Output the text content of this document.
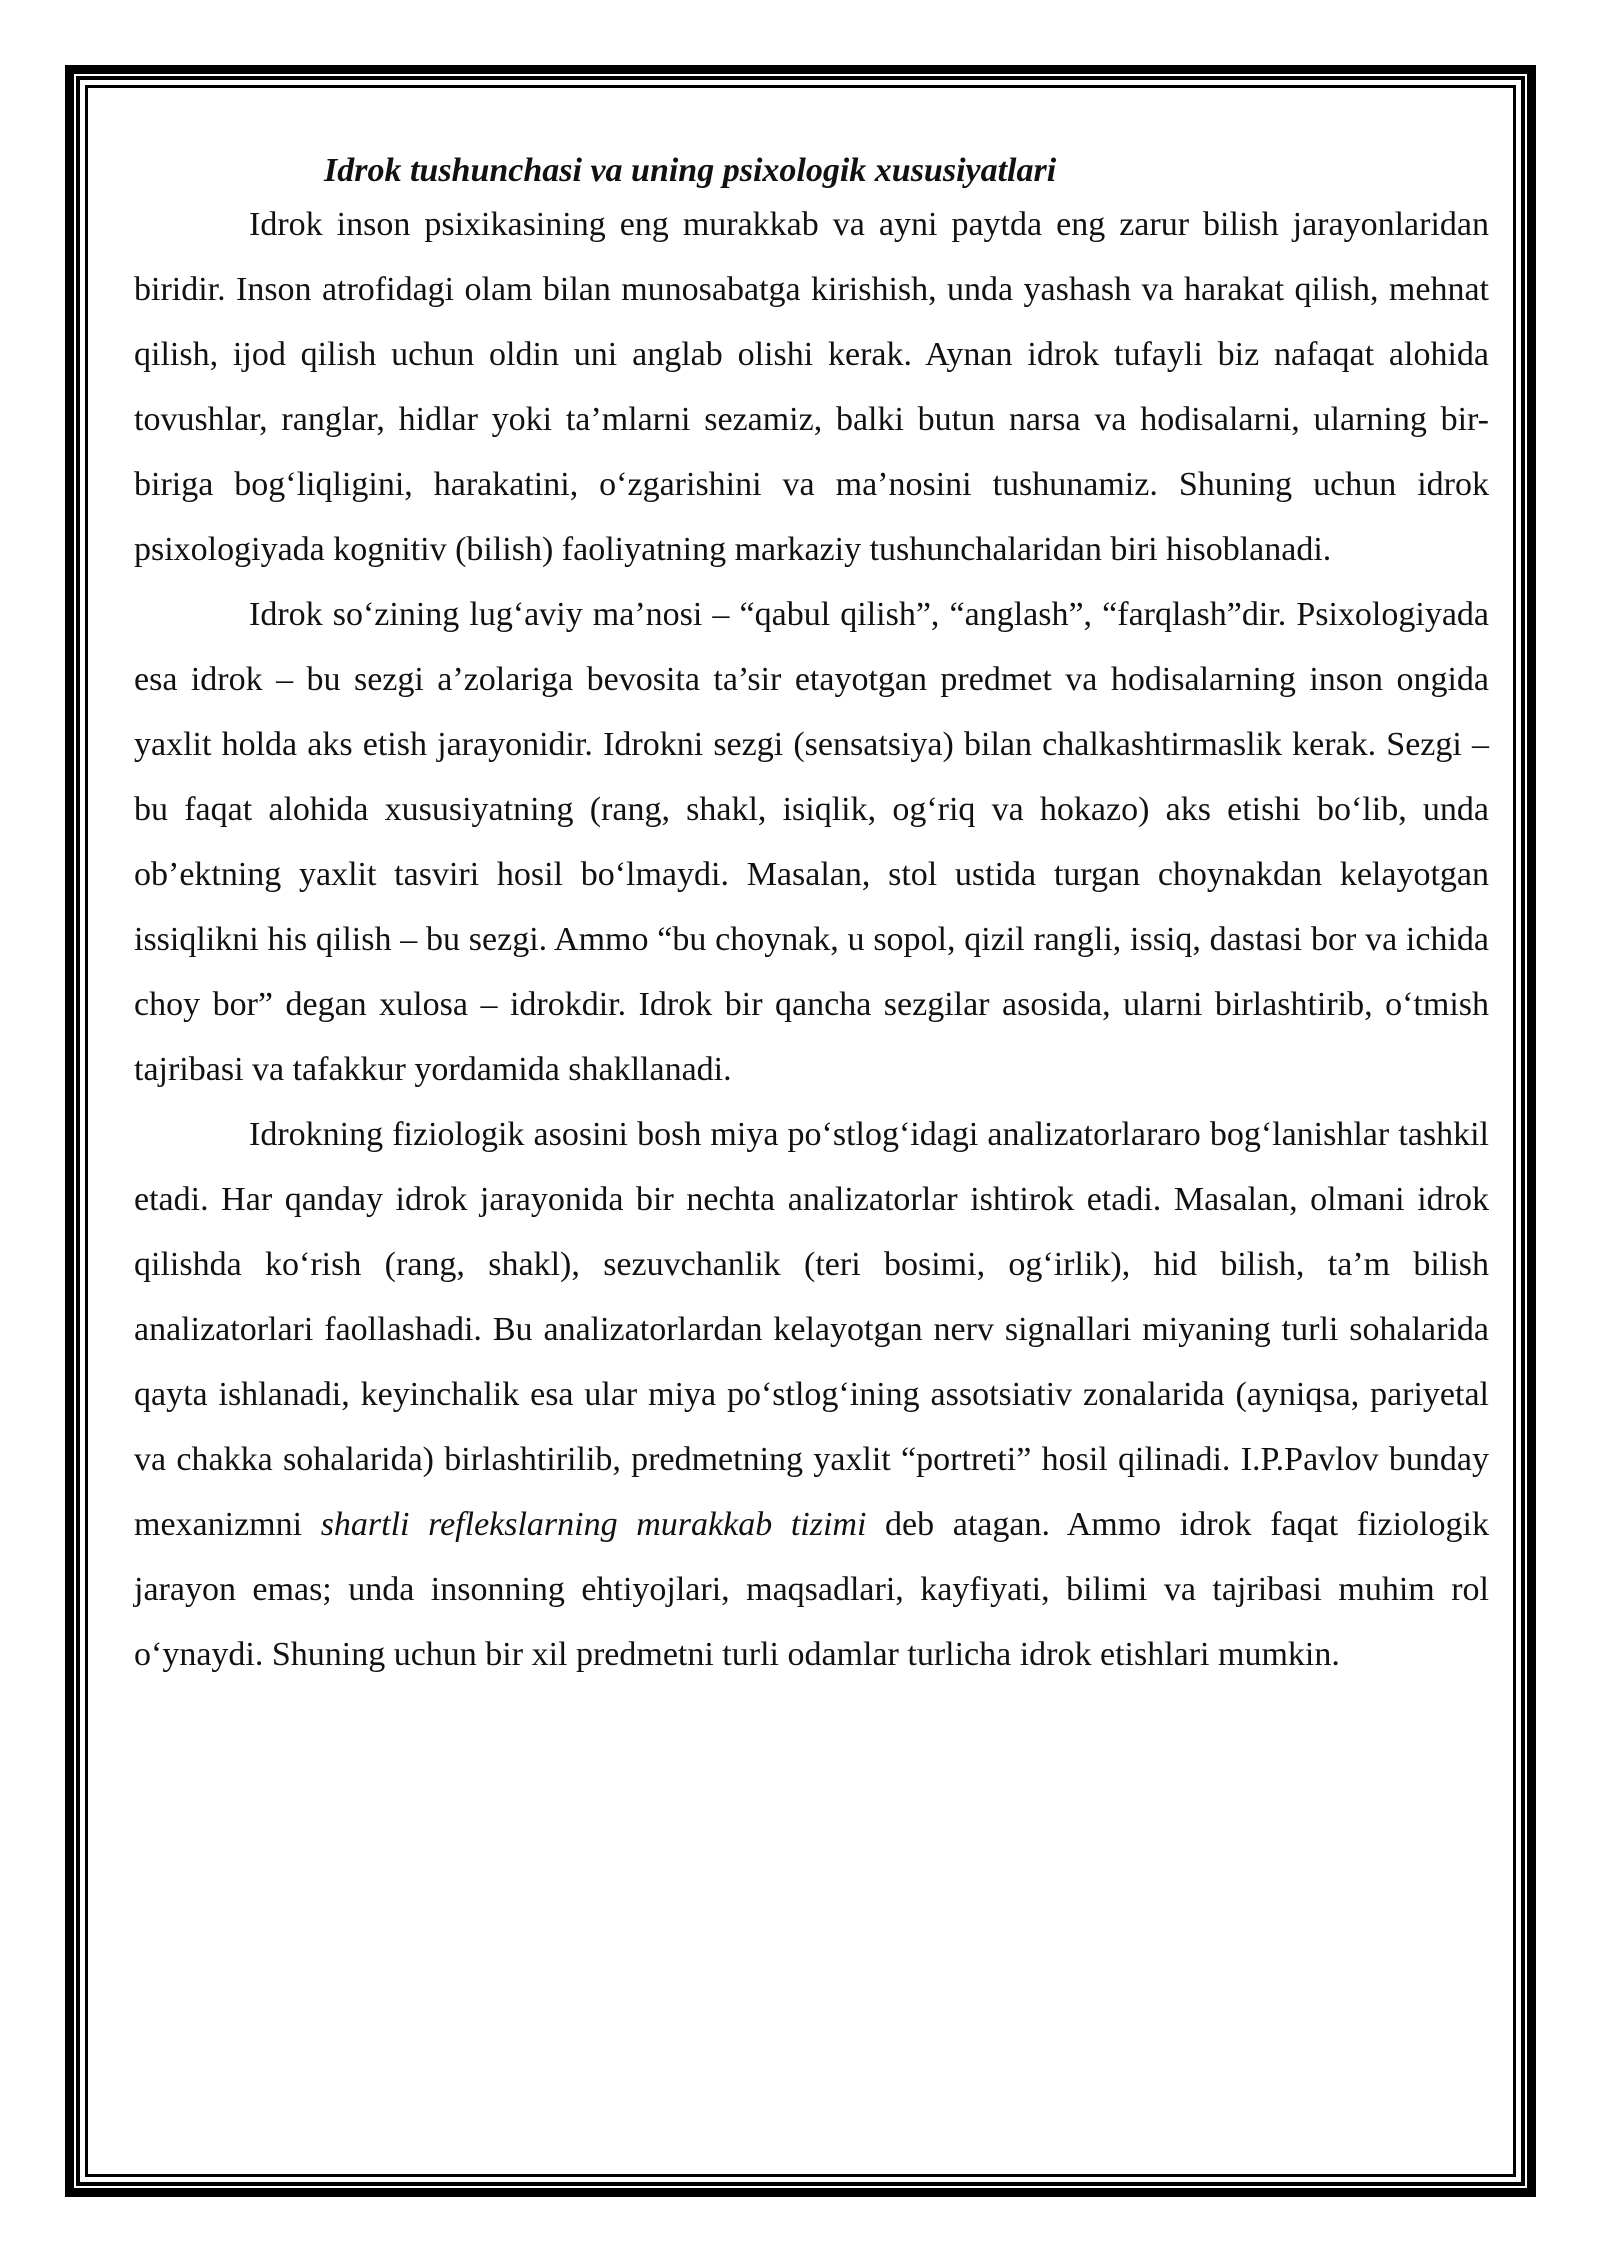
Idrok tushunchasi va uning psixologik xususiyatlari

Idrok inson psixikasining eng murakkab va ayni paytda eng zarur bilish jarayonlaridan biridir. Inson atrofidagi olam bilan munosabatga kirishish, unda yashash va harakat qilish, mehnat qilish, ijod qilish uchun oldin uni anglab olishi kerak. Aynan idrok tufayli biz nafaqat alohida tovushlar, ranglar, hidlar yoki ta’mlarni sezamiz, balki butun narsa va hodisalarni, ularning bir-biriga bog‘liqligini, harakatini, o‘zgarishini va ma’nosini tushunamiz. Shuning uchun idrok psixologiyada kognitiv (bilish) faoliyatning markaziy tushunchalaridan biri hisoblanadi.

Idrok so‘zining lug‘aviy ma’nosi – “qabul qilish”, “anglash”, “farqlash”dir. Psixologiyada esa idrok – bu sezgi a’zolariga bevosita ta’sir etayotgan predmet va hodisalarning inson ongida yaxlit holda aks etish jarayonidir. Idrokni sezgi (sensatsiya) bilan chalkashtirmaslik kerak. Sezgi – bu faqat alohida xususiyatning (rang, shakl, isiqlik, og‘riq va hokazo) aks etishi bo‘lib, unda ob’ektning yaxlit tasviri hosil bo‘lmaydi. Masalan, stol ustida turgan choynakdan kelayotgan issiqlikni his qilish – bu sezgi. Ammo “bu choynak, u sopol, qizil rangli, issiq, dastasi bor va ichida choy bor” degan xulosa – idrokdir. Idrok bir qancha sezgilar asosida, ularni birlashtirib, o‘tmish tajribasi va tafakkur yordamida shakllanadi.

Idrokning fiziologik asosini bosh miya po‘stlog‘idagi analizatorlararo bog‘lanishlar tashkil etadi. Har qanday idrok jarayonida bir nechta analizatorlar ishtirok etadi. Masalan, olmani idrok qilishda ko‘rish (rang, shakl), sezuvchanlik (teri bosimi, og‘irlik), hid bilish, ta’m bilish analizatorlari faollashadi. Bu analizatorlardan kelayotgan nerv signallari miyaning turli sohalarida qayta ishlanadi, keyinchalik esa ular miya po‘stlog‘ining assotsiativ zonalarida (ayniqsa, pariyetal va chakka sohalarida) birlashtirilib, predmetning yaxlit “portreti” hosil qilinadi. I.P.Pavlov bunday mexanizmni shartli reflekslarning murakkab tizimi deb atagan. Ammo idrok faqat fiziologik jarayon emas; unda insonning ehtiyojlari, maqsadlari, kayfiyati, bilimi va tajribasi muhim rol o‘ynaydi. Shuning uchun bir xil predmetni turli odamlar turlicha idrok etishlari mumkin.
